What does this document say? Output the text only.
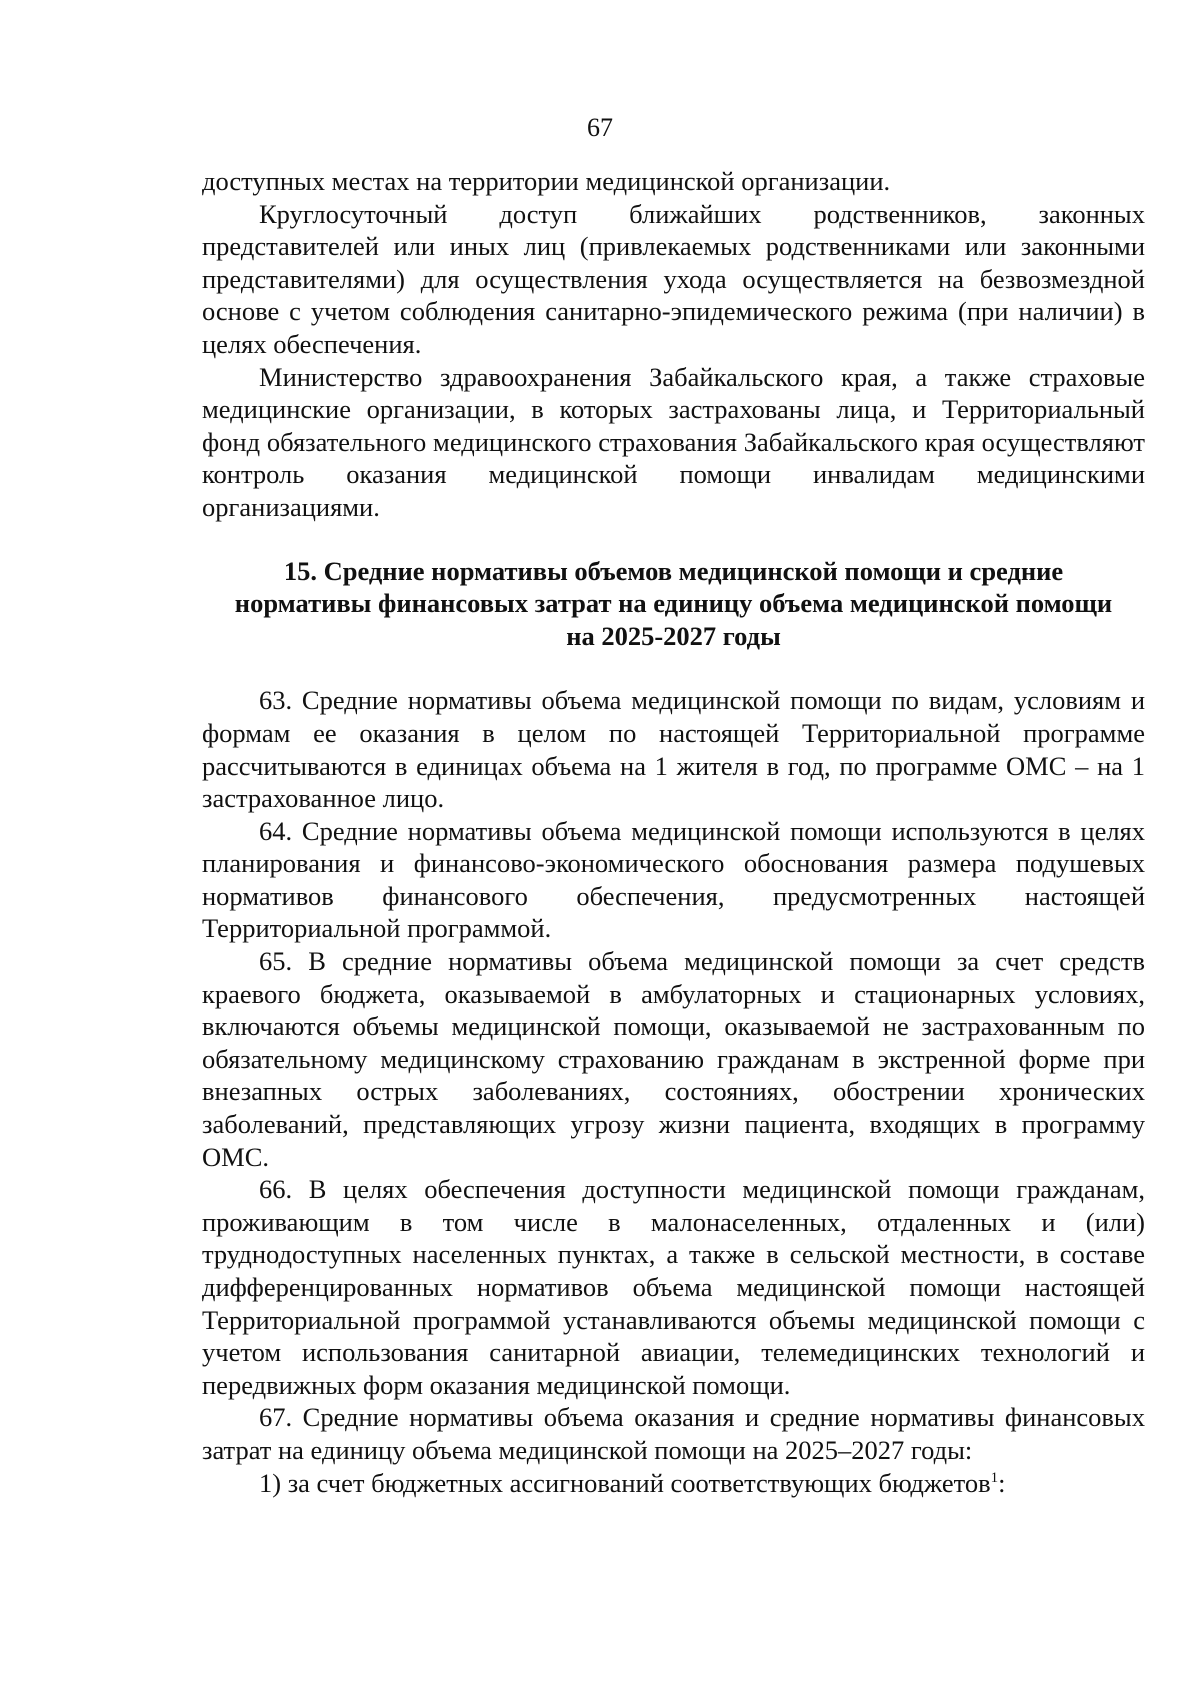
67

доступных местах на территории медицинской организации.

Круглосуточный доступ ближайших родственников, законных представителей или иных лиц (привлекаемых родственниками или законными представителями) для осуществления ухода осуществляется на безвозмездной основе с учетом соблюдения санитарно-эпидемического режима (при наличии) в целях обеспечения.

Министерство здравоохранения Забайкальского края, а также страховые медицинские организации, в которых застрахованы лица, и Территориальный фонд обязательного медицинского страхования Забайкальского края осуществляют контроль оказания медицинской помощи инвалидам медицинскими организациями.

15. Средние нормативы объемов медицинской помощи и средние
нормативы финансовых затрат на единицу объема медицинской помощи
на 2025-2027 годы

63. Средние нормативы объема медицинской помощи по видам, условиям и формам ее оказания в целом по настоящей Территориальной программе рассчитываются в единицах объема на 1 жителя в год, по программе ОМС – на 1 застрахованное лицо.

64. Средние нормативы объема медицинской помощи используются в целях планирования и финансово-экономического обоснования размера подушевых нормативов финансового обеспечения, предусмотренных настоящей Территориальной программой.

65. В средние нормативы объема медицинской помощи за счет средств краевого бюджета, оказываемой в амбулаторных и стационарных условиях, включаются объемы медицинской помощи, оказываемой не застрахованным по обязательному медицинскому страхованию гражданам в экстренной форме при внезапных острых заболеваниях, состояниях, обострении хронических заболеваний, представляющих угрозу жизни пациента, входящих в программу ОМС.

66. В целях обеспечения доступности медицинской помощи гражданам, проживающим в том числе в малонаселенных, отдаленных и (или) труднодоступных населенных пунктах, а также в сельской местности, в составе дифференцированных нормативов объема медицинской помощи настоящей Территориальной программой устанавливаются объемы медицинской помощи с учетом использования санитарной авиации, телемедицинских технологий и передвижных форм оказания медицинской помощи.

67. Средние нормативы объема оказания и средние нормативы финансовых затрат на единицу объема медицинской помощи на 2025–2027 годы:

1) за счет бюджетных ассигнований соответствующих бюджетов$^1$:
